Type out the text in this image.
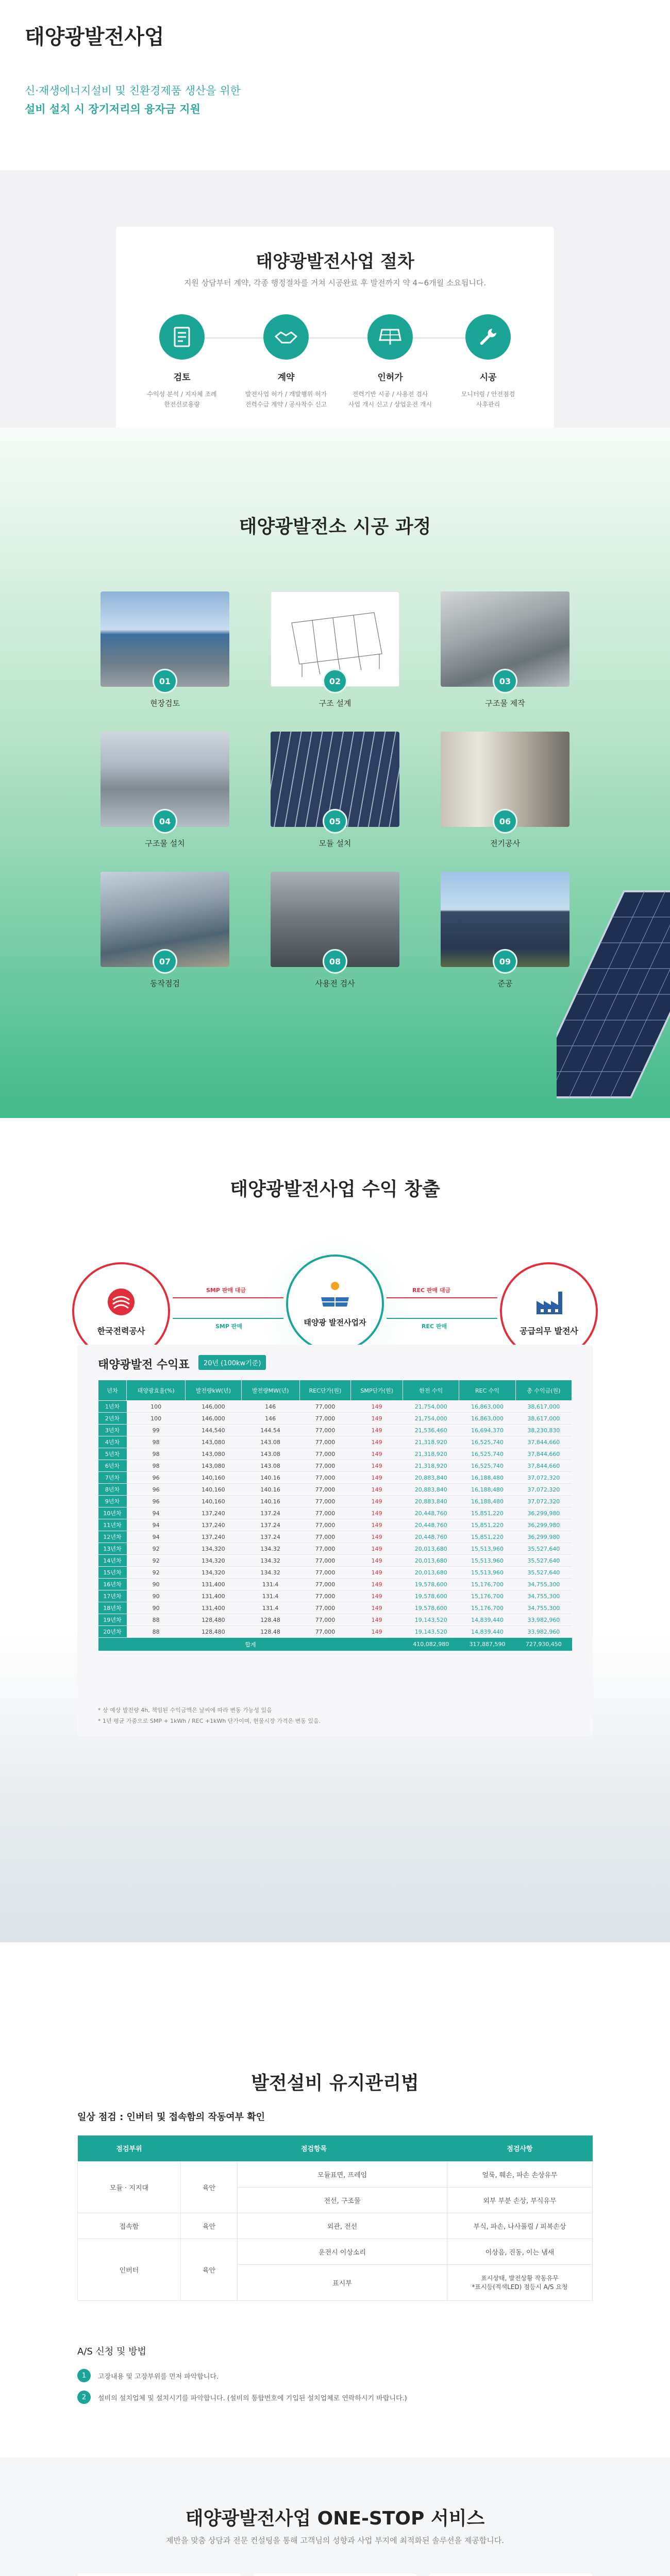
태양광발전사업
신·재생에너지설비 및 친환경제품 생산을 위한
설비 설치 시 장기저리의 융자금 지원
태양광발전사업 절차
지원 상담부터 계약, 각종 행정절차를 거쳐 시공완료 후 발전까지 약 4~6개월 소요됩니다.
검토
수익성 분석 / 지자체 조례
한전선로용량
계약
발전사업 허가 / 개발행위 허가
전력수급 계약 / 공사착수 신고
인허가
전력기반 시공 / 사용전 검사
사업 개시 신고 / 상업운전 개시
시공
모니터링 / 안전점검
사후관리
태양광발전소 시공 과정
01
현장검토
02
구조 설계
03
구조물 제작
04
구조물 설치
05
모듈 설치
06
전기공사
07
동작점검
08
사용전 검사
09
준공
태양광발전사업 수익 창출
한국전력공사
태양광 발전사업자
공급의무 발전사
SMP 판매 대금
SMP 판매
REC 판매 대금
REC 판매
태양광발전 수익표	20년 (100kw기준)
년차	태양광효율(%)	발전량kW(년)	발전량MW(년)	REC단가(원)	SMP단가(원)	한전 수익	REC 수익	총 수익금(원)
1년차	100	146,000	146	77,000	149	21,754,000	16,863,000	38,617,000
2년차	100	146,000	146	77,000	149	21,754,000	16,863,000	38,617,000
3년차	99	144,540	144.54	77,000	149	21,536,460	16,694,370	38,230,830
4년차	98	143,080	143.08	77,000	149	21,318,920	16,525,740	37,844,660
5년차	98	143,080	143.08	77,000	149	21,318,920	16,525,740	37,844,660
6년차	98	143,080	143.08	77,000	149	21,318,920	16,525,740	37,844,660
7년차	96	140,160	140.16	77,000	149	20,883,840	16,188,480	37,072,320
8년차	96	140,160	140.16	77,000	149	20,883,840	16,188,480	37,072,320
9년차	96	140,160	140.16	77,000	149	20,883,840	16,188,480	37,072,320
10년차	94	137,240	137.24	77,000	149	20,448,760	15,851,220	36,299,980
11년차	94	137,240	137.24	77,000	149	20,448,760	15,851,220	36,299,980
12년차	94	137,240	137.24	77,000	149	20,448,760	15,851,220	36,299,980
13년차	92	134,320	134.32	77,000	149	20,013,680	15,513,960	35,527,640
14년차	92	134,320	134.32	77,000	149	20,013,680	15,513,960	35,527,640
15년차	92	134,320	134.32	77,000	149	20,013,680	15,513,960	35,527,640
16년차	90	131,400	131.4	77,000	149	19,578,600	15,176,700	34,755,300
17년차	90	131,400	131.4	77,000	149	19,578,600	15,176,700	34,755,300
18년차	90	131,400	131.4	77,000	149	19,578,600	15,176,700	34,755,300
19년차	88	128,480	128.48	77,000	149	19,143,520	14,839,440	33,982,960
20년차	88	128,480	128.48	77,000	149	19,143,520	14,839,440	33,982,960
합계						410,082,980	317,887,590	727,930,450
* 상 예상 발전량 4h, 책임된 수익금액은 날씨에 따라 변동 가능성 있음
* 1년 평균 가중으로 SMP + 1kWh / REC +1kWh 단가이며, 현물시장 가격은 변동 있음.
발전설비 유지관리법
일상 점검 : 인버터 및 접속함의 작동여부 확인
점검부위	점검항목		점검사항
모듈 · 지지대	육안	모듈표면, 프레임	얼룩, 훼손, 파손 손상유무
		전선, 구조물	외부 부분 손상, 부식유무
접속함	육안	외관, 전선	부식, 파손, 나사풀림 / 피복손상
인버터	육안	운전시 이상소리	이상음, 진동, 이는 냄새
		표시부	표시상태, 발전상황 작동유무
*표시등(적색LED) 점등시 A/S 요청
A/S 신청 및 방법
1	고장내용 및 고장부위를 먼저 파악합니다.
2	설비의 설치업체 및 설치시기를 파악합니다. (설비의 통합번호에 기입된 설치업체로 연락하시기 바랍니다.)
태양광발전사업 ONE-STOP 서비스
제반을 맞춤 상담과 전문 컨설팅을 통해 고객님의 성향과 사업 부지에 최적화된 솔루션을 제공합니다.
